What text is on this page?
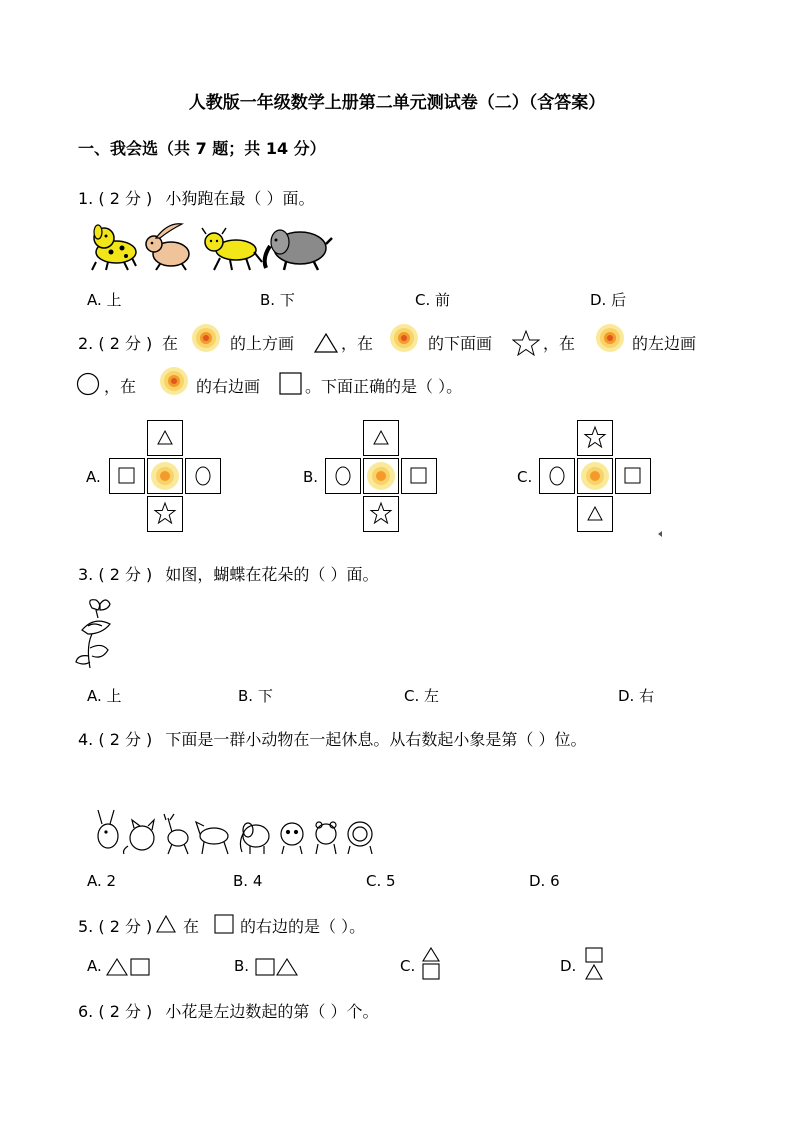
人教版一年级数学上册第二单元测试卷（二）（含答案）
一、我会选（共 7 题；共 14 分）
1. ( 2 分 ) 小狗跑在最（ ）面。
A. 上	B. 下	C. 前	D. 后
2. ( 2 分 ) 在	的上方画	，在	的下面画	，在	的左边画
，在	的右边画	。下面正确的是（ ）。
A.	B.	C.
3. ( 2 分 ) 如图，蝴蝶在花朵的（ ）面。
A. 上	B. 下	C. 左	D. 右
4. ( 2 分 ) 下面是一群小动物在一起休息。从右数起小象是第（ ）位。
A. 2	B. 4	C. 5	D. 6
5. ( 2 分 ) 在	的右边的是（ ）。
A.	B.	C.	D.
6. ( 2 分 ) 小花是左边数起的第（ ）个。
